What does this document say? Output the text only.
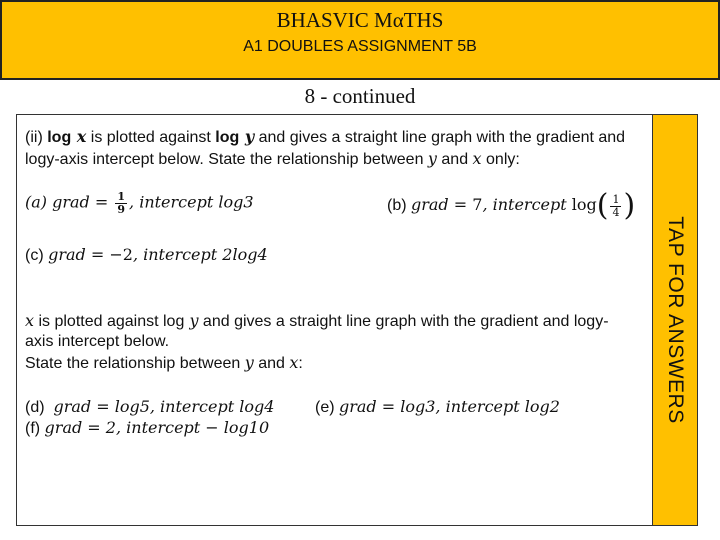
BHASVIC MαTHS
A1 DOUBLES ASSIGNMENT 5B
8 - continued
(ii) log x is plotted against log y and gives a straight line graph with the gradient and
logy-axis intercept below. State the relationship between y and x only:
(a) grad = $\frac{1}{9}$ , intercept log3	(b) grad = 7, intercept $\log( \frac{1}{4}$ )
(c) grad = −2, intercept 2log4
x is plotted against log y and gives a straight line graph with the gradient and logy-
axis intercept below.
State the relationship between y and x:
(d) grad = log5, intercept log4	(e) grad = log3, intercept log2
(f) grad = 2, intercept − log10
TAP FOR ANSWERS
